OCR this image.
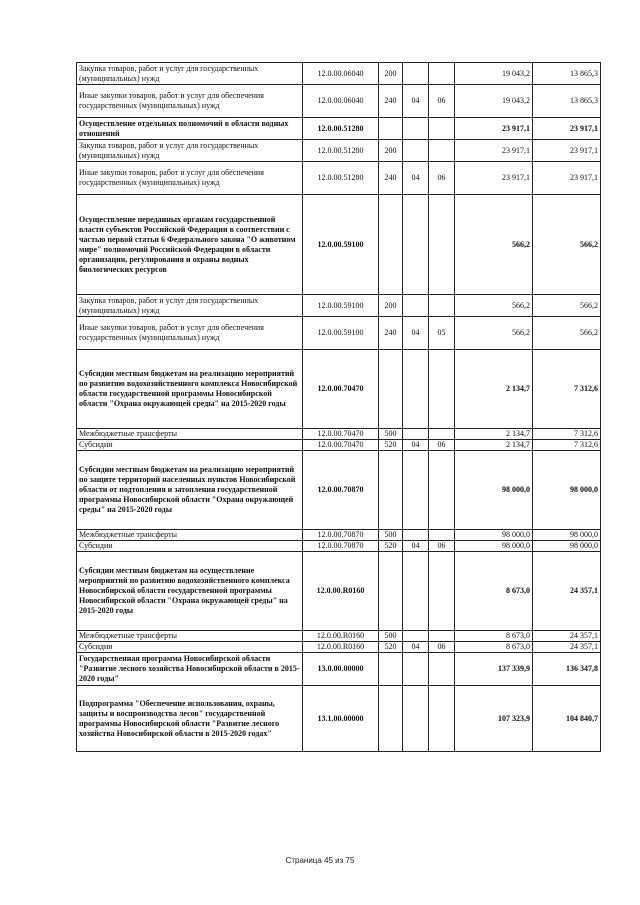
Закупка товаров, работ и услуг для государственных (муниципальных) нужд	12.0.00.06040	200			19 043,2	13 865,3
Иные закупки товаров, работ и услуг для обеспечения государственных (муниципальных) нужд	12.0.00.06040	240	04	06	19 043,2	13 865,3
Осуществление отдельных полномочий в области водных отношений	12.0.00.51280				23 917,1	23 917,1
Закупка товаров, работ и услуг для государственных (муниципальных) нужд	12.0.00.51280	200			23 917,1	23 917,1
Иные закупки товаров, работ и услуг для обеспечения государственных (муниципальных) нужд	12.0.00.51280	240	04	06	23 917,1	23 917,1
Осуществление переданных органам государственной власти субъектов Российской Федерации в соответствии с частью первой статьи 6 Федерального закона "О животном мире" полномочий Российской Федерации в области организации, регулирования и охраны водных биологических ресурсов	12.0.00.59100				566,2	566,2
Закупка товаров, работ и услуг для государственных (муниципальных) нужд	12.0.00.59100	200			566,2	566,2
Иные закупки товаров, работ и услуг для обеспечения государственных (муниципальных) нужд	12.0.00.59100	240	04	05	566,2	566,2
Субсидии местным бюджетам на реализацию мероприятий по развитию водохозяйственного комплекса Новосибирской области государственной программы Новосибирской области "Охрана окружающей среды" на 2015-2020 годы	12.0.00.70470				2 134,7	7 312,6
Межбюджетные трансферты	12.0.00.70470	500			2 134,7	7 312,6
Субсидии	12.0.00.70470	520	04	06	2 134,7	7 312,6
Субсидии местным бюджетам на реализацию мероприятий по защите территорий населенных пунктов Новосибирской области от подтопления и затопления государственной программы Новосибирской области "Охрана окружающей среды" на 2015-2020 годы	12.0.00.70870				98 000,0	98 000,0
Межбюджетные трансферты	12.0.00.70870	500			98 000,0	98 000,0
Субсидии	12.0.00.70870	520	04	06	98 000,0	98 000,0
Субсидии местным бюджетам на осуществление мероприятий по развитию водохозяйственного комплекса Новосибирской области государственной программы Новосибирской области "Охрана окружающей среды" на 2015-2020 годы	12.0.00.R0160				8 673,0	24 357,1
Межбюджетные трансферты	12.0.00.R0160	500			8 673,0	24 357,1
Субсидии	12.0.00.R0160	520	04	06	8 673,0	24 357,1
Государственная программа Новосибирской области "Развитие лесного хозяйства Новосибирской области в 2015-2020 годы"	13.0.00.00000				137 339,9	136 347,8
Подпрограмма "Обеспечение использования, охраны, защиты и воспроизводства лесов" государственной программы Новосибирской области "Развитие лесного хозяйства Новосибирской области в 2015-2020 годах"	13.1.00.00000				107 323,9	104 840,7
Страница 45 из 75
